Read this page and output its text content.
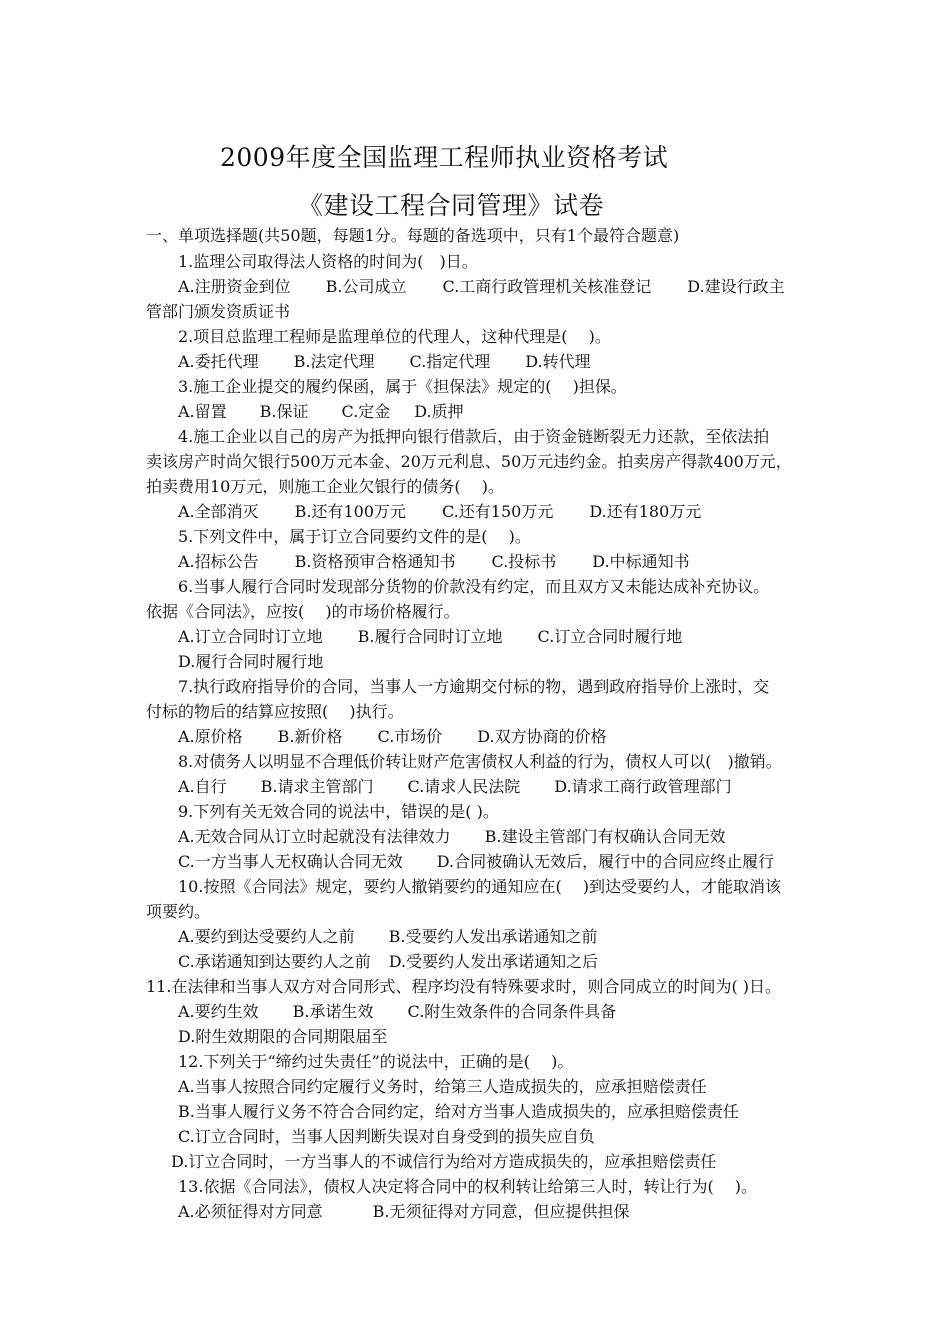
2009年度全国监理工程师执业资格考试
《建设工程合同管理》试卷
一、单项选择题(共50题，每题1分。每题的备选项中，只有1个最符合题意)
1.监理公司取得法人资格的时间为(　)日。
A.注册资金到位 B.公司成立 C.工商行政管理机关核准登记 D.建设行政主
管部门颁发资质证书
2.项目总监理工程师是监理单位的代理人，这种代理是(　 )。
A.委托代理 B.法定代理 C.指定代理 D.转代理
3.施工企业提交的履约保函，属于《担保法》规定的(　 )担保。
A.留置 B.保证 C.定金 D.质押
4.施工企业以自己的房产为抵押向银行借款后，由于资金链断裂无力还款，至依法拍
卖该房产时尚欠银行500万元本金、20万元利息、50万元违约金。拍卖房产得款400万元，
拍卖费用10万元，则施工企业欠银行的债务(　 )。
A.全部消灭 B.还有100万元 C.还有150万元 D.还有180万元
5.下列文件中，属于订立合同要约文件的是(　 )。
A.招标公告 B.资格预审合格通知书 C.投标书 D.中标通知书
6.当事人履行合同时发现部分货物的价款没有约定，而且双方又未能达成补充协议。
依据《合同法》，应按(　 )的市场价格履行。
A.订立合同时订立地 B.履行合同时订立地 C.订立合同时履行地
D.履行合同时履行地
7.执行政府指导价的合同，当事人一方逾期交付标的物，遇到政府指导价上涨时，交
付标的物后的结算应按照(　 )执行。
A.原价格 B.新价格 C.市场价 D.双方协商的价格
8.对债务人以明显不合理低价转让财产危害债权人利益的行为，债权人可以(　)撤销。
A.自行 B.请求主管部门 C.请求人民法院 D.请求工商行政管理部门
9.下列有关无效合同的说法中，错误的是( )。
A.无效合同从订立时起就没有法律效力 B.建设主管部门有权确认合同无效
C.一方当事人无权确认合同无效 D.合同被确认无效后，履行中的合同应终止履行
10.按照《合同法》规定，要约人撤销要约的通知应在(　 )到达受要约人，才能取消该
项要约。
A.要约到达受要约人之前 B.受要约人发出承诺通知之前
C.承诺通知到达要约人之前 D.受要约人发出承诺通知之后
11.在法律和当事人双方对合同形式、程序均没有特殊要求时，则合同成立的时间为( )日。
A.要约生效 B.承诺生效 C.附生效条件的合同条件具备
D.附生效期限的合同期限届至
12.下列关于“缔约过失责任”的说法中，正确的是(　 )。
A.当事人按照合同约定履行义务时，给第三人造成损失的，应承担赔偿责任
B.当事人履行义务不符合合同约定，给对方当事人造成损失的，应承担赔偿责任
C.订立合同时，当事人因判断失误对自身受到的损失应自负
D.订立合同时，一方当事人的不诚信行为给对方造成损失的，应承担赔偿责任
13.依据《合同法》，债权人决定将合同中的权利转让给第三人时，转让行为(　 )。
A.必须征得对方同意	B.无须征得对方同意，但应提供担保
